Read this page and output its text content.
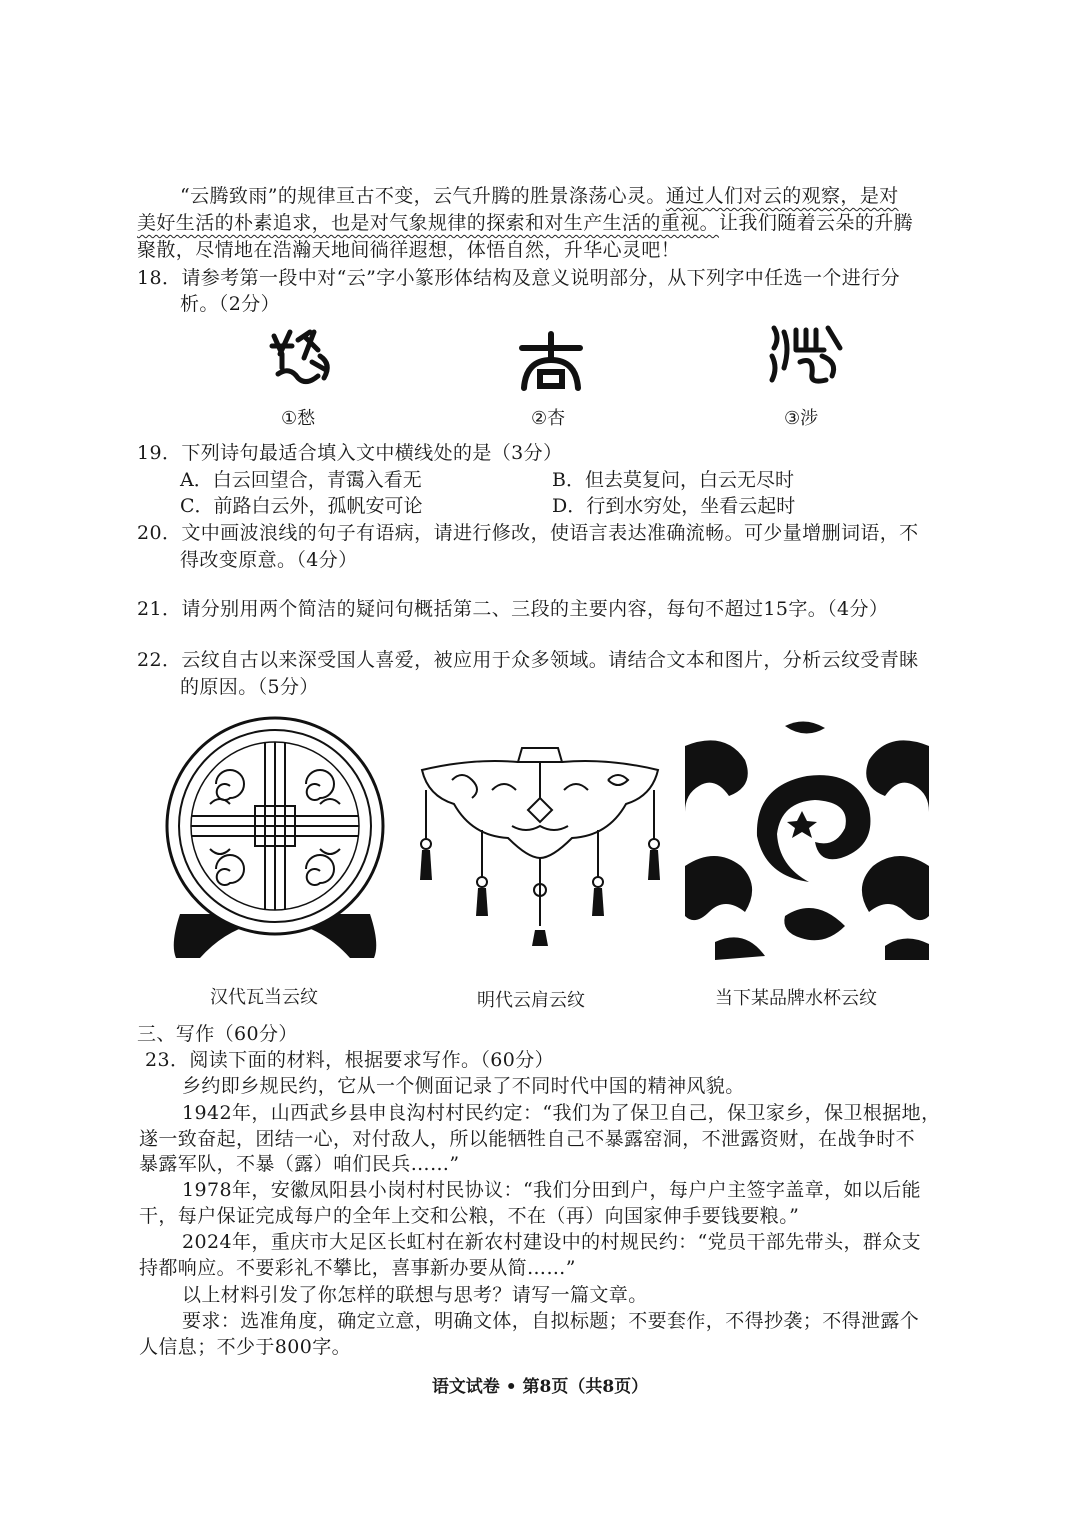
“云腾致雨”的规律亘古不变，云气升腾的胜景涤荡心灵。通过人们对云的观察，是对
美好生活的朴素追求，也是对气象规律的探索和对生产生活的重视。让我们随着云朵的升腾
聚散，尽情地在浩瀚天地间徜徉遐想，体悟自然，升华心灵吧！
18．请参考第一段中对“云”字小篆形体结构及意义说明部分，从下列字中任选一个进行分
析。（2分）
①愁	②杏	③涉
19．下列诗句最适合填入文中横线处的是（3分）
A．白云回望合，青霭入看无	B．但去莫复问，白云无尽时
C．前路白云外，孤帆安可论	D．行到水穷处，坐看云起时
20．文中画波浪线的句子有语病，请进行修改，使语言表达准确流畅。可少量增删词语，不
得改变原意。（4分）
21．请分别用两个简洁的疑问句概括第二、三段的主要内容，每句不超过15字。（4分）
22．云纹自古以来深受国人喜爱，被应用于众多领域。请结合文本和图片，分析云纹受青睐
的原因。（5分）
汉代瓦当云纹	明代云肩云纹	当下某品牌水杯云纹
三、写作（60分）
23．阅读下面的材料，根据要求写作。（60分）
乡约即乡规民约，它从一个侧面记录了不同时代中国的精神风貌。
1942年，山西武乡县申良沟村村民约定：“我们为了保卫自己，保卫家乡，保卫根据地，
遂一致奋起，团结一心，对付敌人，所以能牺牲自己不暴露窑洞，不泄露资财，在战争时不
暴露军队，不暴（露）咱们民兵……”
1978年，安徽凤阳县小岗村村民协议：“我们分田到户，每户户主签字盖章，如以后能
干，每户保证完成每户的全年上交和公粮，不在（再）向国家伸手要钱要粮。”
2024年，重庆市大足区长虹村在新农村建设中的村规民约：“党员干部先带头，群众支
持都响应。不要彩礼不攀比，喜事新办要从简……”
以上材料引发了你怎样的联想与思考？请写一篇文章。
要求：选准角度，确定立意，明确文体，自拟标题；不要套作，不得抄袭；不得泄露个
人信息；不少于800字。
语文试卷 • 第8页（共8页）
